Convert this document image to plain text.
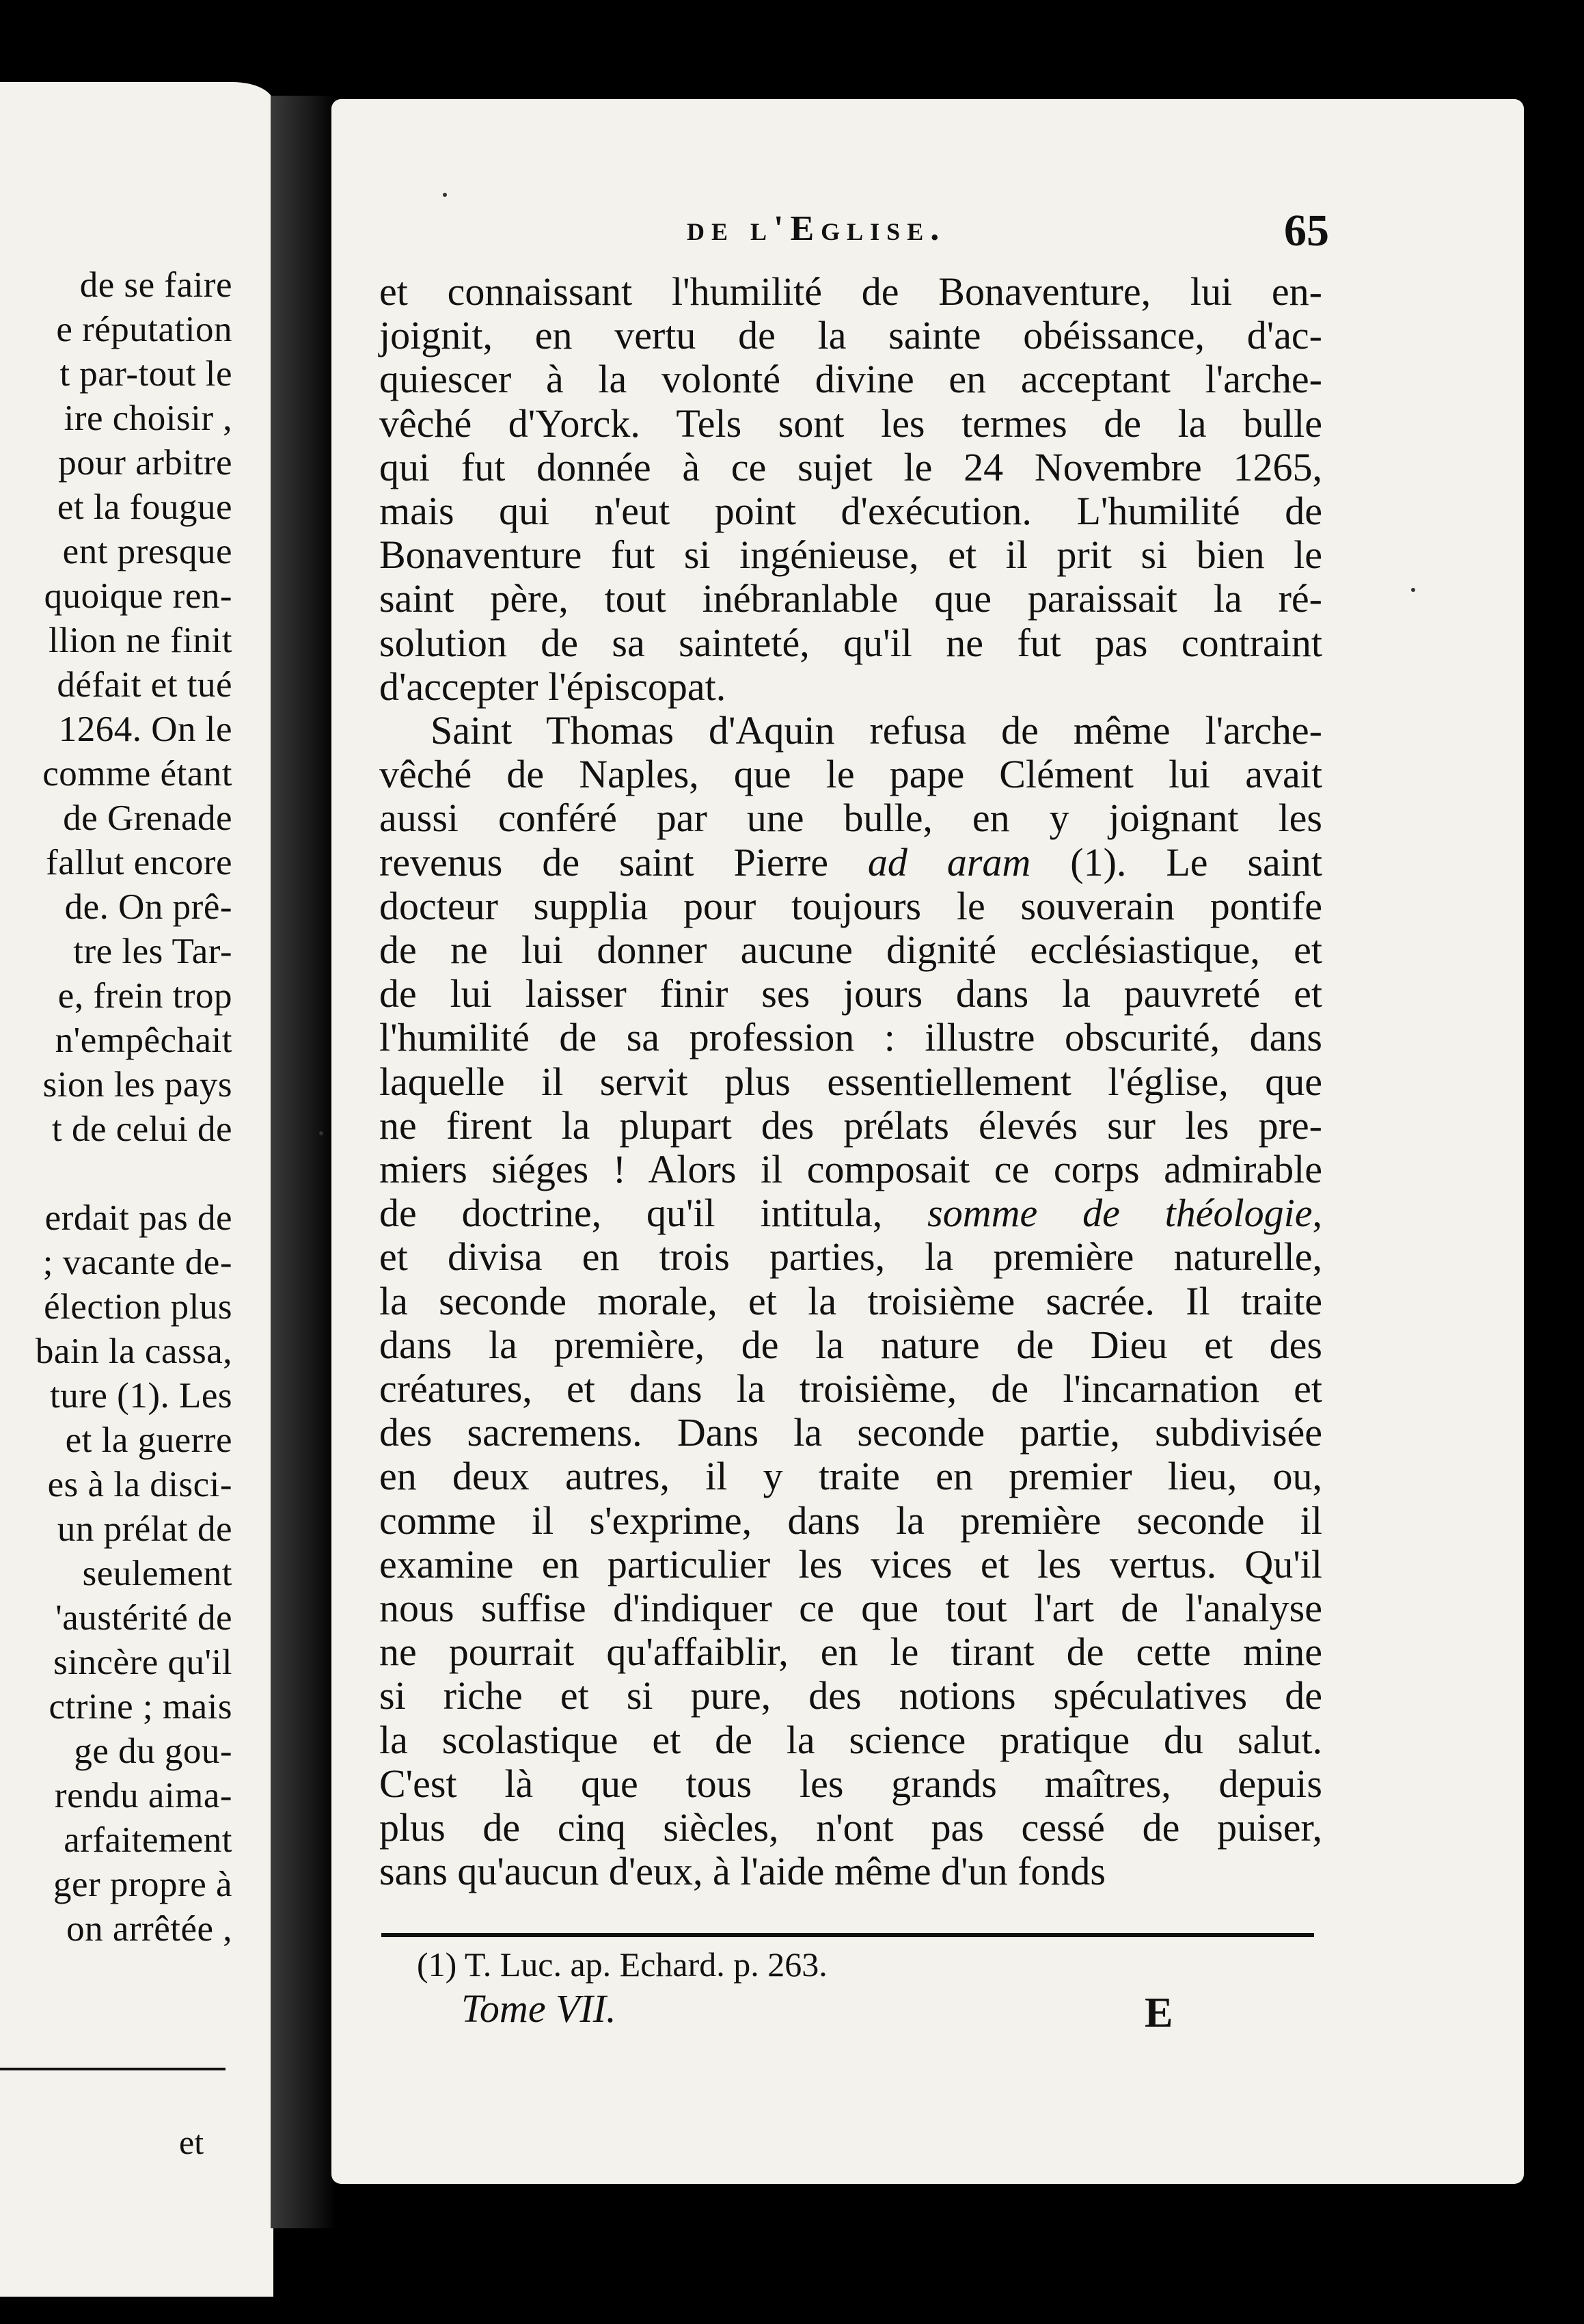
de se faire
e réputation
t par-tout le
ire choisir ,
pour arbitre
et la fougue
ent presque
quoique ren-
llion ne finit
défait et tué
1264. On le
comme étant
de Grenade
fallut encore
de. On prê-
tre les Tar-
e, frein trop
n'empêchait
sion les pays
t de celui de
erdait pas de
; vacante de-
élection plus
bain la cassa,
ture (1). Les
et la guerre
es à la disci-
un prélat de
seulement
'austérité de
sincère qu'il
ctrine ; mais
ge du gou-
rendu aima-
arfaitement
ger propre à
on arrêtée ,
et
de l'Eglise.	65
et connaissant l'humilité de Bonaventure, lui en-
joignit, en vertu de la sainte obéissance, d'ac-
quiescer à la volonté divine en acceptant l'arche-
vêché d'Yorck. Tels sont les termes de la bulle
qui fut donnée à ce sujet le 24 Novembre 1265,
mais qui n'eut point d'exécution. L'humilité de
Bonaventure fut si ingénieuse, et il prit si bien le
saint père, tout inébranlable que paraissait la ré-
solution de sa sainteté, qu'il ne fut pas contraint
d'accepter l'épiscopat.
Saint Thomas d'Aquin refusa de même l'arche-
vêché de Naples, que le pape Clément lui avait
aussi conféré par une bulle, en y joignant les
revenus de saint Pierre ad aram (1). Le saint
docteur supplia pour toujours le souverain pontife
de ne lui donner aucune dignité ecclésiastique, et
de lui laisser finir ses jours dans la pauvreté et
l'humilité de sa profession : illustre obscurité, dans
laquelle il servit plus essentiellement l'église, que
ne firent la plupart des prélats élevés sur les pre-
miers siéges ! Alors il composait ce corps admirable
de doctrine, qu'il intitula, somme de théologie,
et divisa en trois parties, la première naturelle,
la seconde morale, et la troisième sacrée. Il traite
dans la première, de la nature de Dieu et des
créatures, et dans la troisième, de l'incarnation et
des sacremens. Dans la seconde partie, subdivisée
en deux autres, il y traite en premier lieu, ou,
comme il s'exprime, dans la première seconde il
examine en particulier les vices et les vertus. Qu'il
nous suffise d'indiquer ce que tout l'art de l'analyse
ne pourrait qu'affaiblir, en le tirant de cette mine
si riche et si pure, des notions spéculatives de
la scolastique et de la science pratique du salut.
C'est là que tous les grands maîtres, depuis
plus de cinq siècles, n'ont pas cessé de puiser,
sans qu'aucun d'eux, à l'aide même d'un fonds
(1) T. Luc. ap. Echard. p. 263.
Tome VII.	E
